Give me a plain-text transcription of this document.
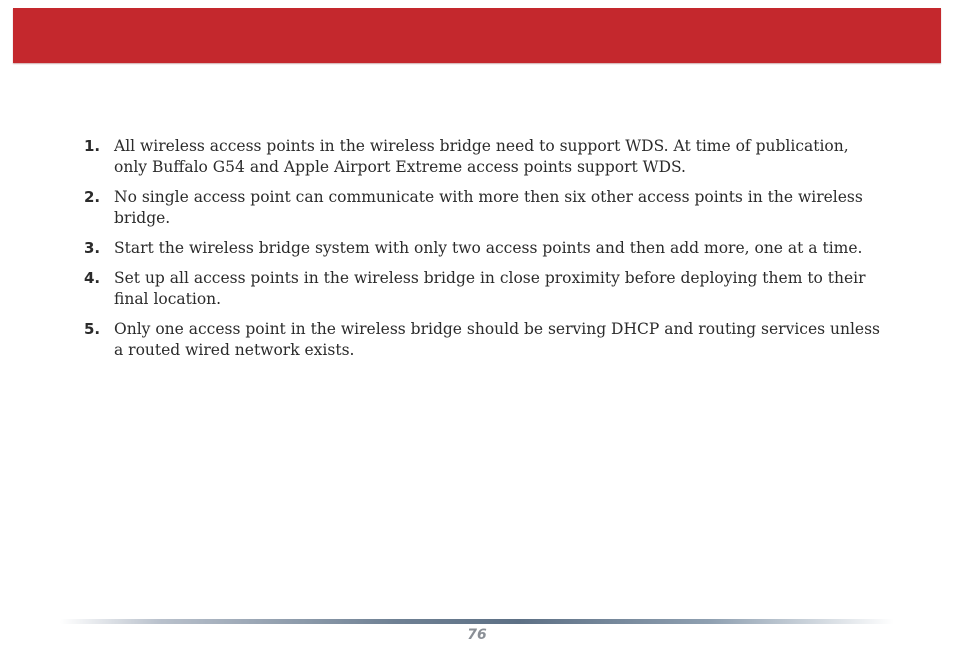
1. All wireless access points in the wireless bridge need to support WDS. At time of publication, only Buffalo G54 and Apple Airport Extreme access points support WDS.
2. No single access point can communicate with more then six other access points in the wireless bridge.
3. Start the wireless bridge system with only two access points and then add more, one at a time.
4. Set up all access points in the wireless bridge in close proximity before deploying them to their final location.
5. Only one access point in the wireless bridge should be serving DHCP and routing services unless a routed wired network exists.
76
